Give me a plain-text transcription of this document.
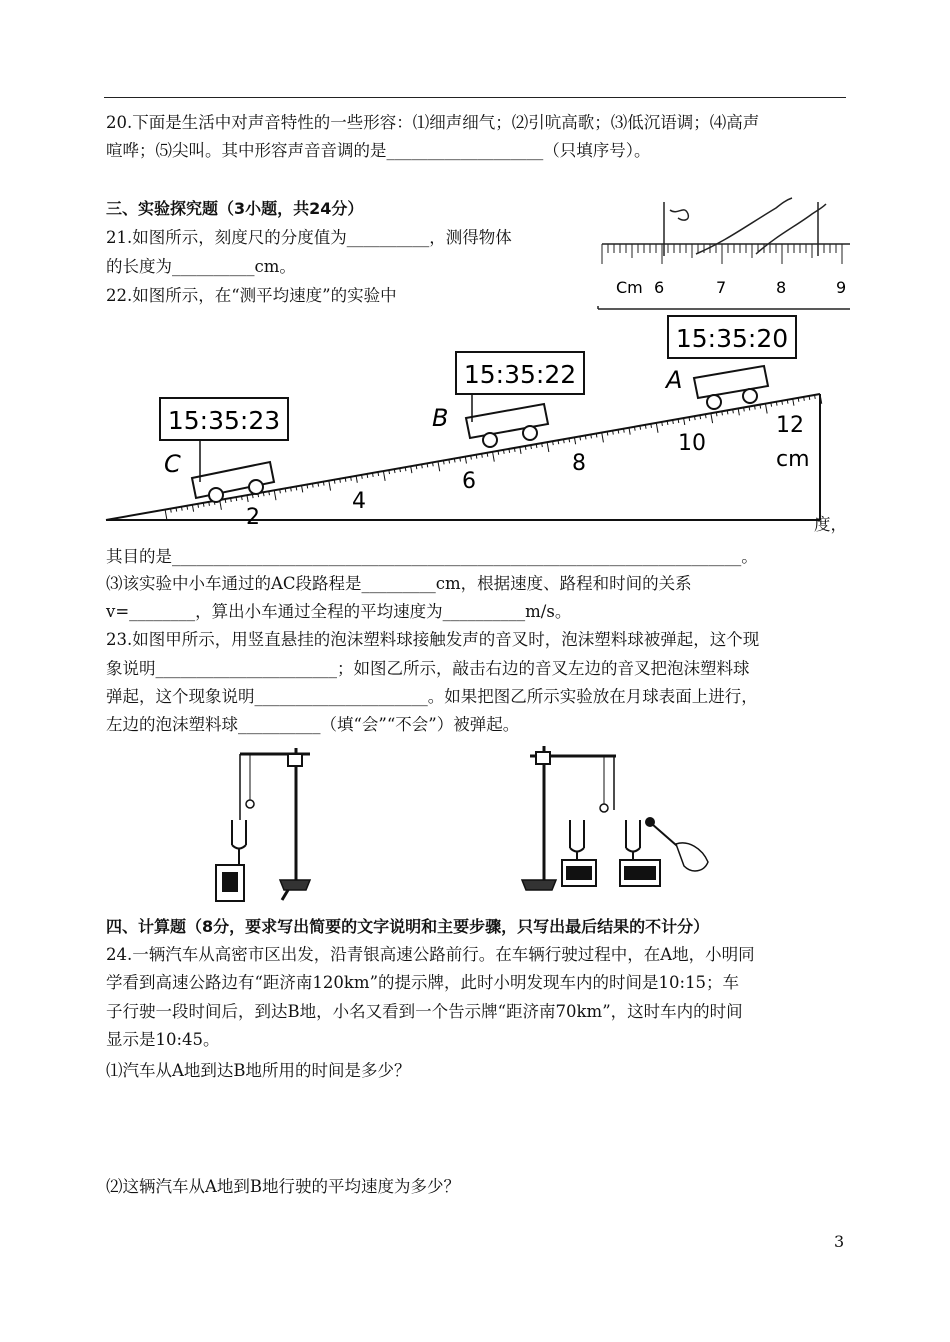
20.下面是生活中对声音特性的一些形容：⑴细声细气；⑵引吭高歌；⑶低沉语调；⑷高声
喧哗；⑸尖叫。其中形容声音音调的是___________________（只填序号）。
三、实验探究题（3小题，共24分）
21.如图所示，刻度尺的分度值为__________，测得物体
的长度为__________cm。
22.如图所示，在“测平均速度”的实验中	Cm 6	7	8	9
2
4
6
8
10
12
cm
15:35:23
C
15:35:22
B
15:35:20
A
度，
其目的是_____________________________________________________________________。
⑶该实验中小车通过的AC段路程是_________cm，根据速度、路程和时间的关系
v=________，算出小车通过全程的平均速度为__________m/s。
23.如图甲所示，用竖直悬挂的泡沫塑料球接触发声的音叉时，泡沫塑料球被弹起，这个现
象说明______________________；如图乙所示，敲击右边的音叉左边的音叉把泡沫塑料球
弹起，这个现象说明_____________________。如果把图乙所示实验放在月球表面上进行，
左边的泡沫塑料球__________（填“会”“不会”）被弹起。
四、计算题（8分，要求写出简要的文字说明和主要步骤，只写出最后结果的不计分）
24.一辆汽车从高密市区出发，沿青银高速公路前行。在车辆行驶过程中，在A地，小明同
学看到高速公路边有“距济南120km”的提示牌，此时小明发现车内的时间是10:15；车
子行驶一段时间后，到达B地，小名又看到一个告示牌“距济南70km”，这时车内的时间
显示是10:45。
⑴汽车从A地到达B地所用的时间是多少？
⑵这辆汽车从A地到B地行驶的平均速度为多少？
3
